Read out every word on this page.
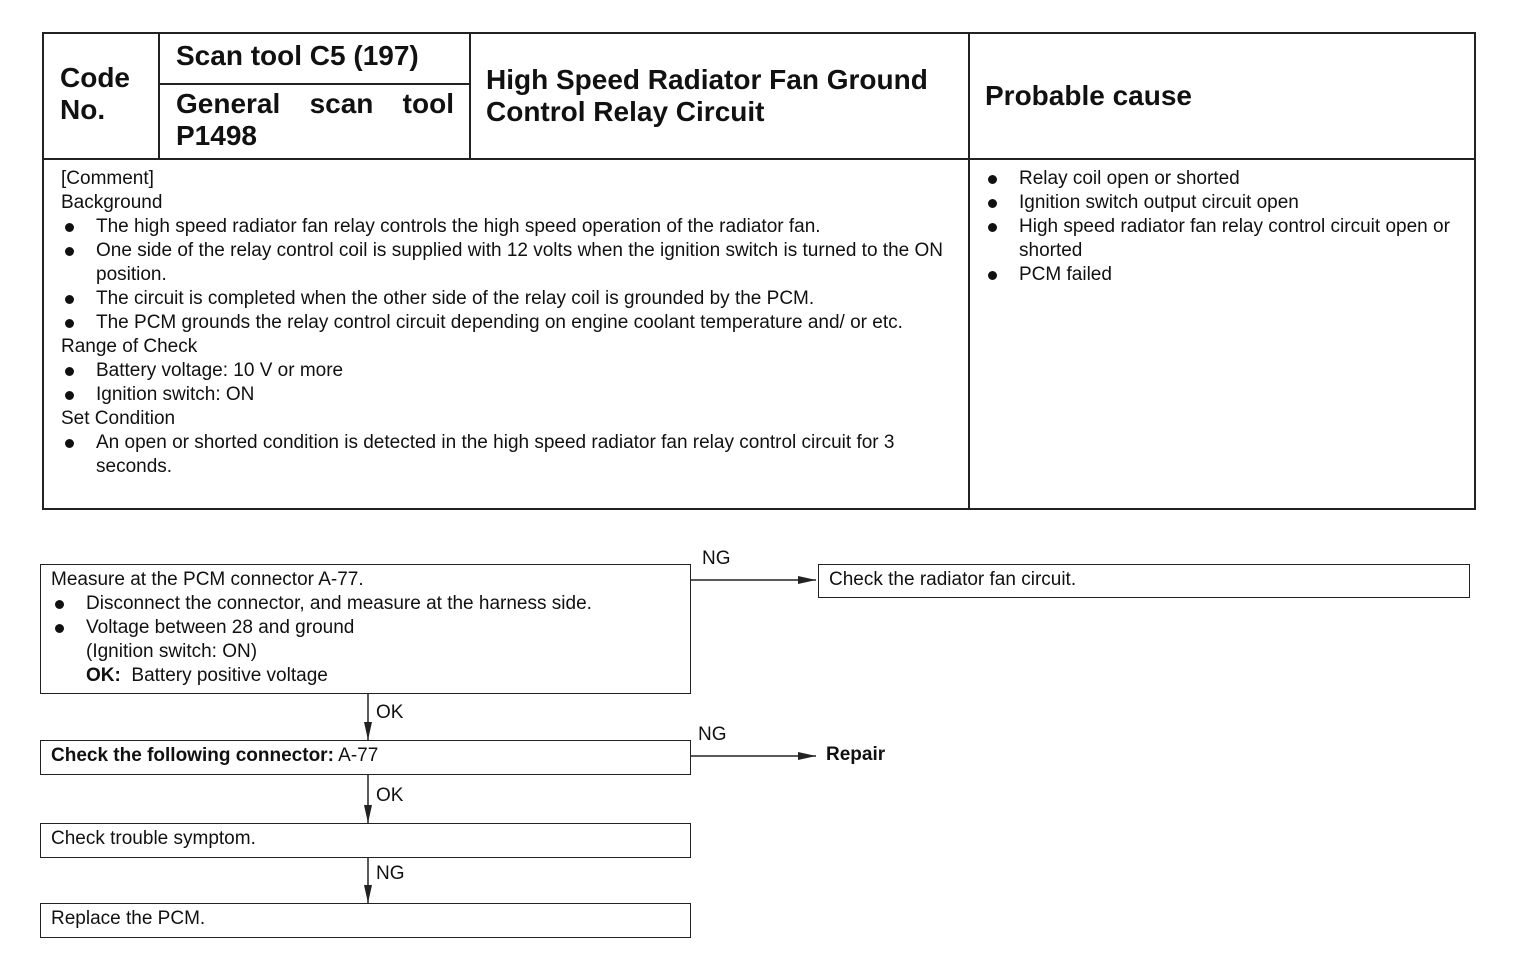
Code No.
Scan tool C5 (197)
General scan tool P1498
High Speed Radiator Fan Ground Control Relay Circuit
Probable cause
[Comment]
Background
The high speed radiator fan relay controls the high speed operation of the radiator fan.
One side of the relay control coil is supplied with 12 volts when the ignition switch is turned to the ON position.
The circuit is completed when the other side of the relay coil is grounded by the PCM.
The PCM grounds the relay control circuit depending on engine coolant temperature and/ or etc.
Range of Check
Battery voltage: 10 V or more
Ignition switch: ON
Set Condition
An open or shorted condition is detected in the high speed radiator fan relay control circuit for 3 seconds.
Relay coil open or shorted
Ignition switch output circuit open
High speed radiator fan relay control circuit open or shorted
PCM failed
Measure at the PCM connector A-77.
Disconnect the connector, and measure at the harness side.
Voltage between 28 and ground
(Ignition switch: ON)
OK: Battery positive voltage
Check the radiator fan circuit.
Check the following connector: A-77	Repair
Check trouble symptom.
Replace the PCM.
NG
OK
NG
OK
NG
